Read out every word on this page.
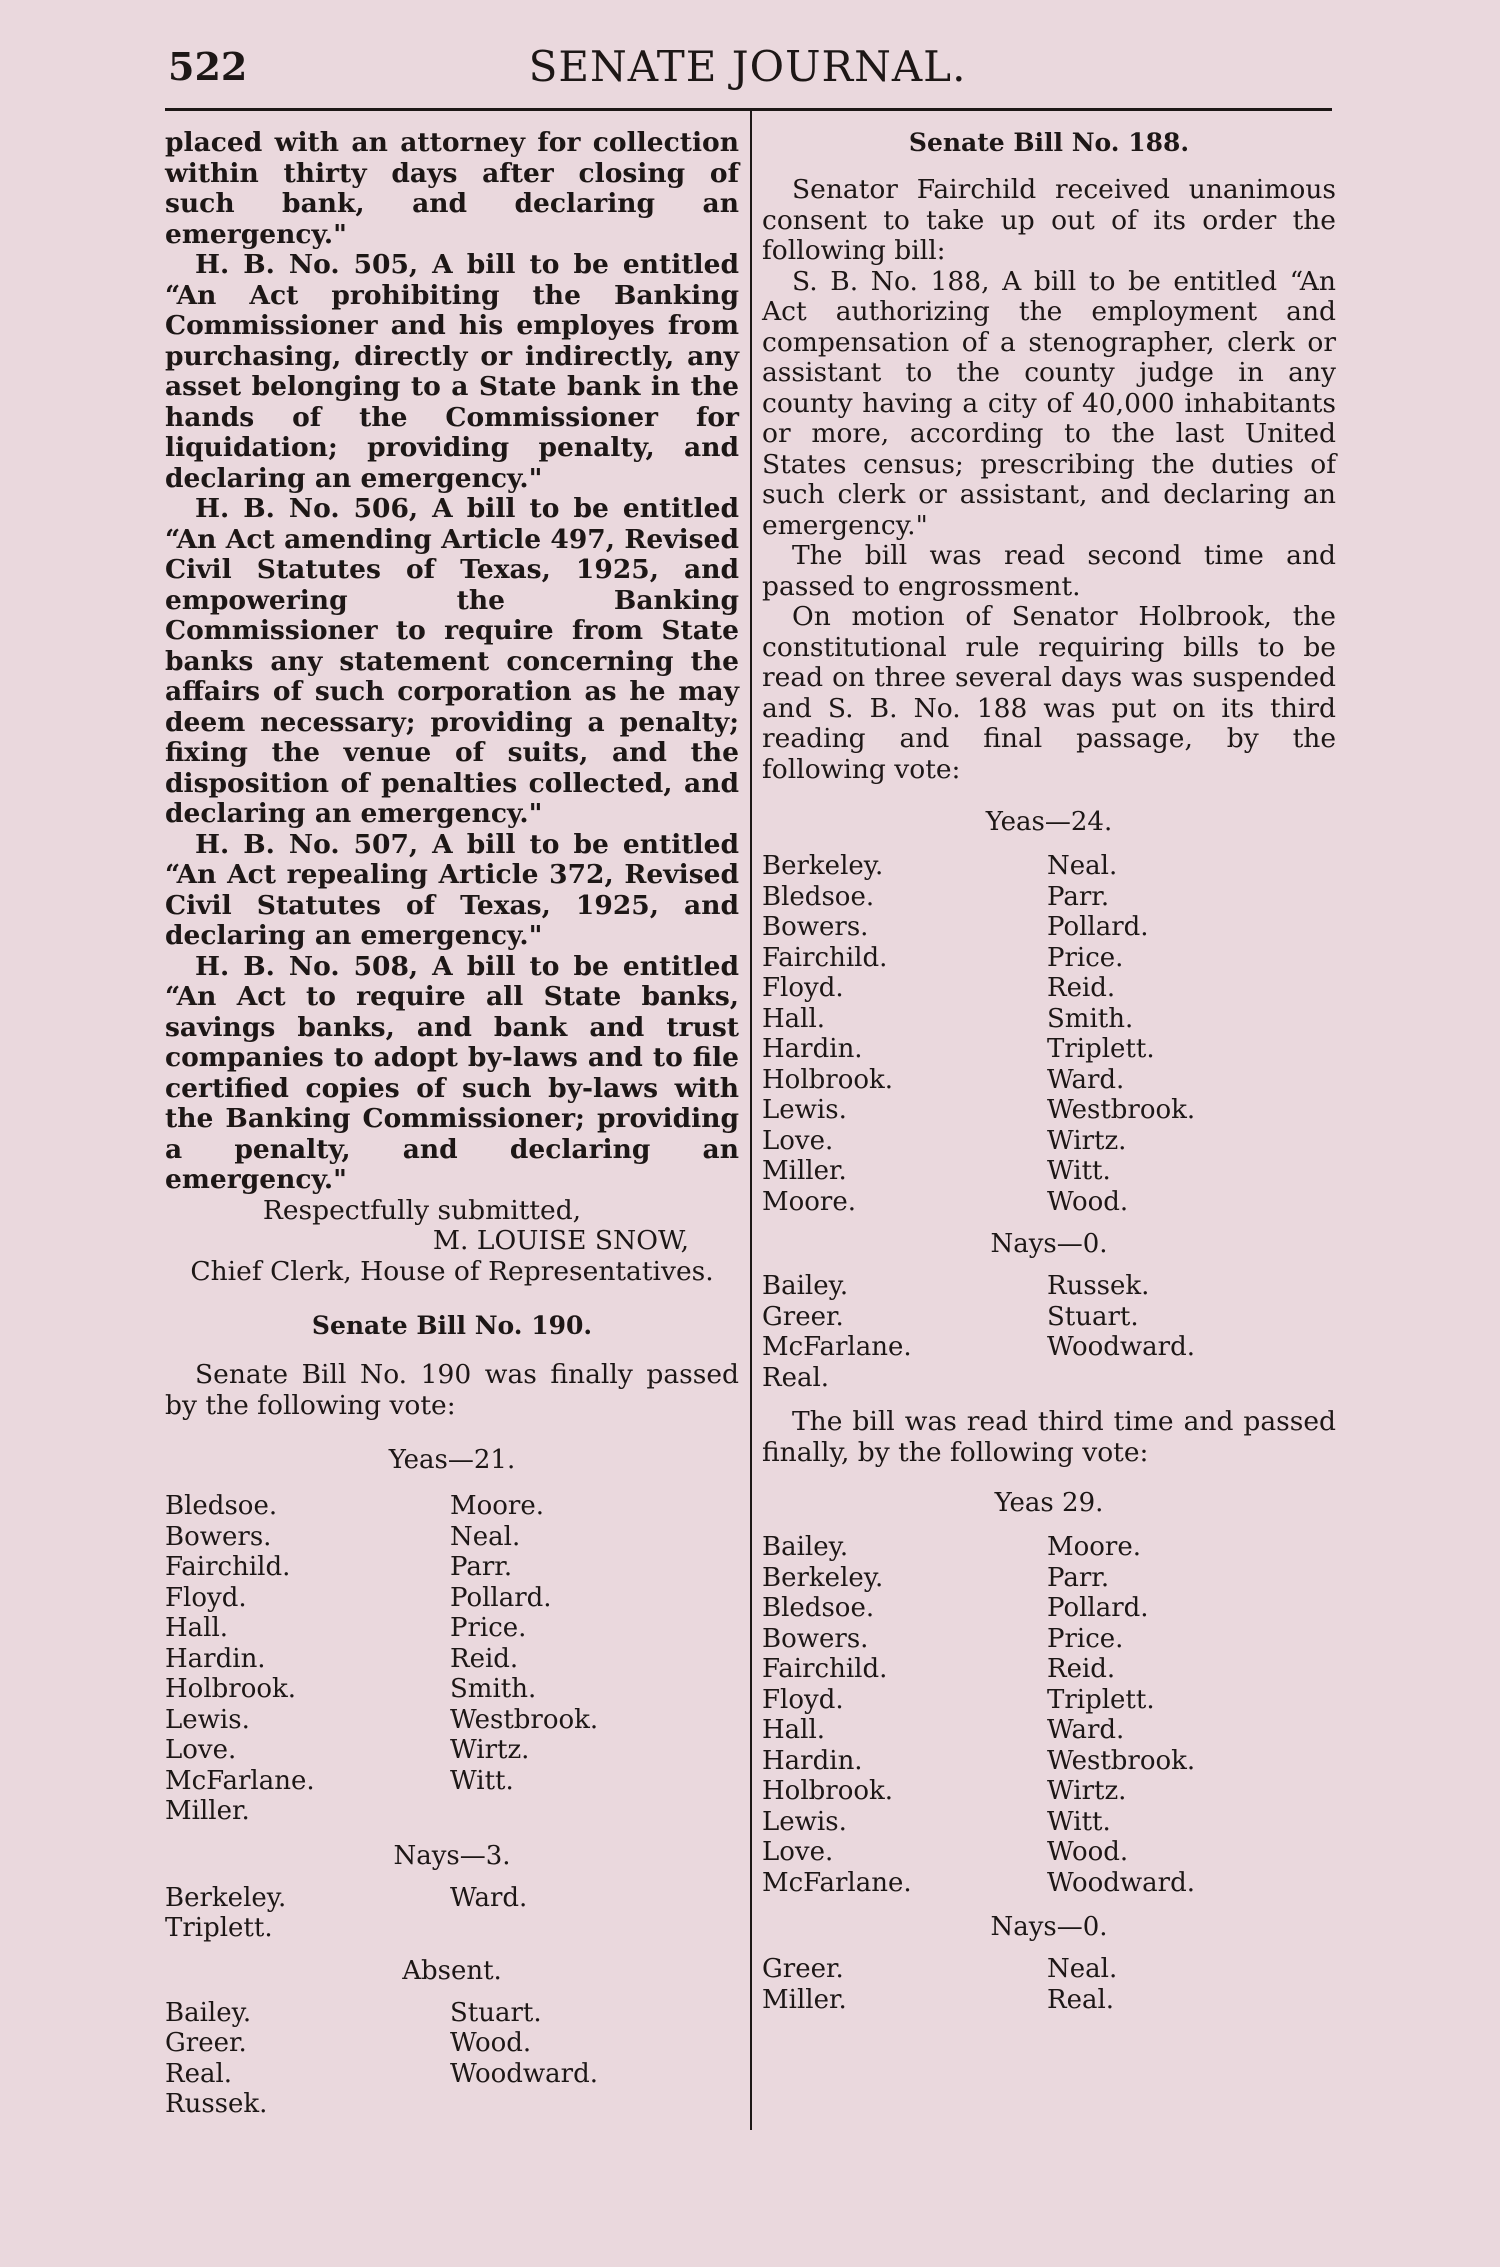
522	SENATE JOURNAL.

placed with an attorney for collection within thirty days after closing of such bank, and declaring an emergency."

H. B. No. 505, A bill to be entitled “An Act prohibiting the Banking Commissioner and his employes from purchasing, directly or indirectly, any asset belonging to a State bank in the hands of the Commissioner for liquidation; providing penalty, and declaring an emergency."

H. B. No. 506, A bill to be entitled “An Act amending Article 497, Revised Civil Statutes of Texas, 1925, and empowering the Banking Commissioner to require from State banks any statement concerning the affairs of such corporation as he may deem necessary; providing a penalty; fixing the venue of suits, and the disposition of penalties collected, and declaring an emergency."

H. B. No. 507, A bill to be entitled “An Act repealing Article 372, Revised Civil Statutes of Texas, 1925, and declaring an emergency."

H. B. No. 508, A bill to be entitled “An Act to require all State banks, savings banks, and bank and trust companies to adopt by-laws and to file certified copies of such by-laws with the Banking Commissioner; providing a penalty, and declaring an emergency."

Respectfully submitted,

M. LOUISE SNOW,

Chief Clerk, House of Representatives.

Senate Bill No. 190.

Senate Bill No. 190 was finally passed by the following vote:

Yeas—21.
Bledsoe.
Bowers.
Fairchild.
Floyd.
Hall.
Hardin.
Holbrook.
Lewis.
Love.
McFarlane.
Miller.
Moore.
Neal.
Parr.
Pollard.
Price.
Reid.
Smith.
Westbrook.
Wirtz.
Witt.
Nays—3.
Berkeley.
Triplett.
Ward.
Absent.
Bailey.
Greer.
Real.
Russek.
Stuart.
Wood.
Woodward.
Senate Bill No. 188.

Senator Fairchild received unanimous consent to take up out of its order the following bill:

S. B. No. 188, A bill to be entitled “An Act authorizing the employment and compensation of a stenographer, clerk or assistant to the county judge in any county having a city of 40,000 inhabitants or more, according to the last United States census; prescribing the duties of such clerk or assistant, and declaring an emergency."

The bill was read second time and passed to engrossment.

On motion of Senator Holbrook, the constitutional rule requiring bills to be read on three several days was suspended and S. B. No. 188 was put on its third reading and final passage, by the following vote:

Yeas—24.
Berkeley.
Bledsoe.
Bowers.
Fairchild.
Floyd.
Hall.
Hardin.
Holbrook.
Lewis.
Love.
Miller.
Moore.
Neal.
Parr.
Pollard.
Price.
Reid.
Smith.
Triplett.
Ward.
Westbrook.
Wirtz.
Witt.
Wood.
Nays—0.
Bailey.
Greer.
McFarlane.
Real.
Russek.
Stuart.
Woodward.

The bill was read third time and passed finally, by the following vote:

Yeas 29.
Bailey.
Berkeley.
Bledsoe.
Bowers.
Fairchild.
Floyd.
Hall.
Hardin.
Holbrook.
Lewis.
Love.
McFarlane.
Moore.
Parr.
Pollard.
Price.
Reid.
Triplett.
Ward.
Westbrook.
Wirtz.
Witt.
Wood.
Woodward.
Nays—0.
Greer.
Miller.
Neal.
Real.
